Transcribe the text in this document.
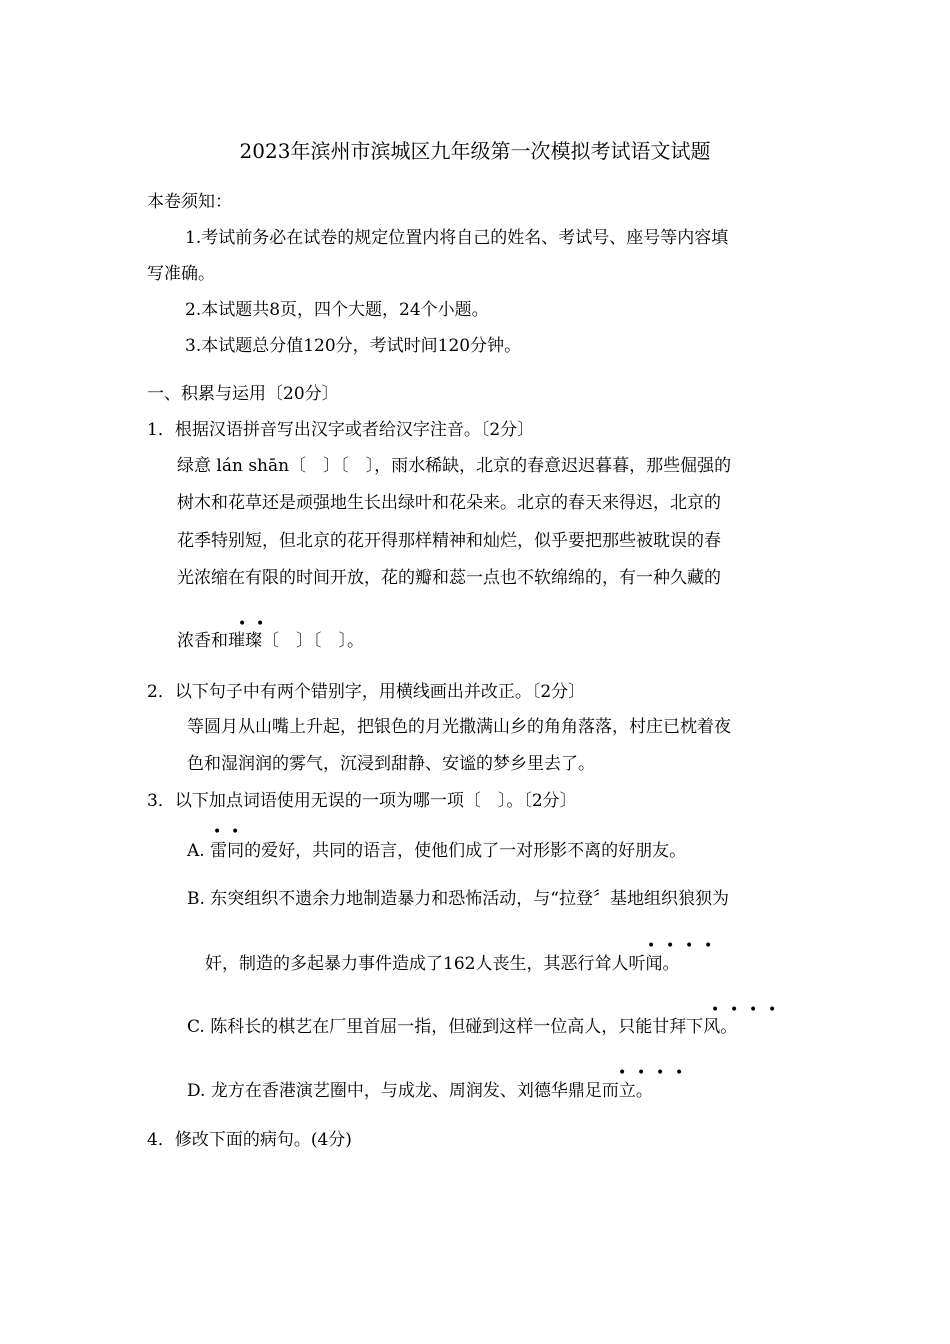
2023年滨州市滨城区九年级第一次模拟考试语文试题
本卷须知：
1.考试前务必在试卷的规定位置内将自己的姓名、考试号、座号等内容填
写准确。
2.本试题共8页，四个大题，24个小题。
3.本试题总分值120分，考试时间120分钟。
一、积累与运用〔20分〕
1．根据汉语拼音写出汉字或者给汉字注音。〔2分〕
绿意 lán shān〔　〕〔　〕，雨水稀缺，北京的春意迟迟暮暮，那些倔强的
树木和花草还是顽强地生长出绿叶和花朵来。北京的春天来得迟，北京的
花季特别短，但北京的花开得那样精神和灿烂，似乎要把那些被耽误的春
光浓缩在有限的时间开放，花的瓣和蕊一点也不软绵绵的，有一种久藏的
• •
浓香和璀璨〔　〕〔　〕。
2．以下句子中有两个错别字，用横线画出并改正。〔2分〕
等圆月从山嘴上升起，把银色的月光撒满山乡的角角落落，村庄已枕着夜
色和湿润润的雾气，沉浸到甜静、安谧的梦乡里去了。
3．以下加点词语使用无误的一项为哪一项〔　〕。〔2分〕
• •
A. 雷同的爱好，共同的语言，使他们成了一对形影不离的好朋友。
B. 东突组织不遗余力地制造暴力和恐怖活动，与“拉登〞基地组织狼狈为
• • • •
奸，制造的多起暴力事件造成了162人丧生，其恶行耸人听闻。
• • • •
C. 陈科长的棋艺在厂里首屈一指，但碰到这样一位高人，只能甘拜下风。
• • • •
D. 龙方在香港演艺圈中，与成龙、周润发、刘德华鼎足而立。
4．修改下面的病句。(4分)
